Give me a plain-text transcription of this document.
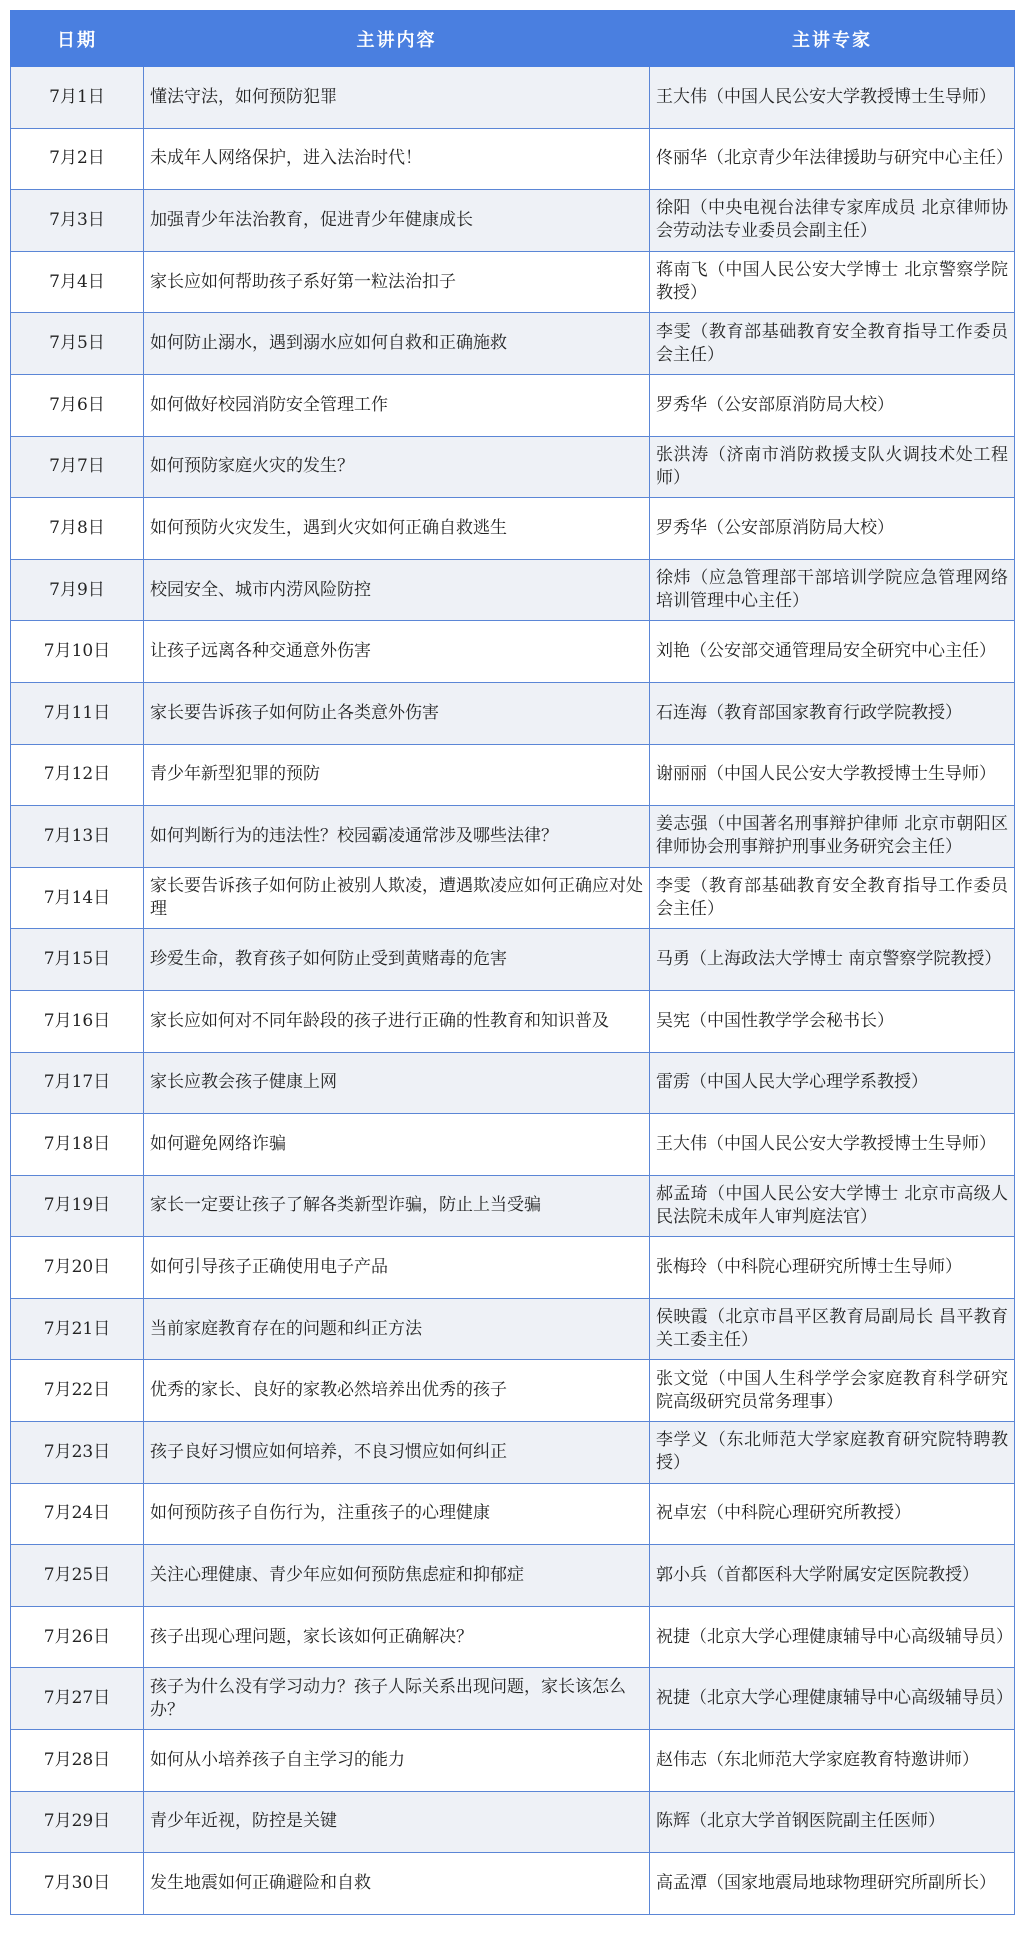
日期	主讲内容	主讲专家
7月1日	懂法守法，如何预防犯罪	王大伟（中国人民公安大学教授博士生导师）
7月2日	未成年人网络保护，进入法治时代！	佟丽华（北京青少年法律援助与研究中心主任）
7月3日	加强青少年法治教育，促进青少年健康成长	徐阳（中央电视台法律专家库成员 北京律师协会劳动法专业委员会副主任）
7月4日	家长应如何帮助孩子系好第一粒法治扣子	蒋南飞（中国人民公安大学博士 北京警察学院教授）
7月5日	如何防止溺水，遇到溺水应如何自救和正确施救	李雯（教育部基础教育安全教育指导工作委员会主任）
7月6日	如何做好校园消防安全管理工作	罗秀华（公安部原消防局大校）
7月7日	如何预防家庭火灾的发生？	张洪涛（济南市消防救援支队火调技术处工程师）
7月8日	如何预防火灾发生，遇到火灾如何正确自救逃生	罗秀华（公安部原消防局大校）
7月9日	校园安全、城市内涝风险防控	徐炜（应急管理部干部培训学院应急管理网络培训管理中心主任）
7月10日	让孩子远离各种交通意外伤害	刘艳（公安部交通管理局安全研究中心主任）
7月11日	家长要告诉孩子如何防止各类意外伤害	石连海（教育部国家教育行政学院教授）
7月12日	青少年新型犯罪的预防	谢丽丽（中国人民公安大学教授博士生导师）
7月13日	如何判断行为的违法性？校园霸凌通常涉及哪些法律？	姜志强（中国著名刑事辩护律师 北京市朝阳区律师协会刑事辩护刑事业务研究会主任）
7月14日	家长要告诉孩子如何防止被别人欺凌，遭遇欺凌应如何正确应对处理	李雯（教育部基础教育安全教育指导工作委员会主任）
7月15日	珍爱生命，教育孩子如何防止受到黄赌毒的危害	马勇（上海政法大学博士 南京警察学院教授）
7月16日	家长应如何对不同年龄段的孩子进行正确的性教育和知识普及	吴宪（中国性教学学会秘书长）
7月17日	家长应教会孩子健康上网	雷雳（中国人民大学心理学系教授）
7月18日	如何避免网络诈骗	王大伟（中国人民公安大学教授博士生导师）
7月19日	家长一定要让孩子了解各类新型诈骗，防止上当受骗	郝孟琦（中国人民公安大学博士 北京市高级人民法院未成年人审判庭法官）
7月20日	如何引导孩子正确使用电子产品	张梅玲（中科院心理研究所博士生导师）
7月21日	当前家庭教育存在的问题和纠正方法	侯映霞（北京市昌平区教育局副局长 昌平教育关工委主任）
7月22日	优秀的家长、良好的家教必然培养出优秀的孩子	张文觉（中国人生科学学会家庭教育科学研究院高级研究员常务理事）
7月23日	孩子良好习惯应如何培养，不良习惯应如何纠正	李学义（东北师范大学家庭教育研究院特聘教授）
7月24日	如何预防孩子自伤行为，注重孩子的心理健康	祝卓宏（中科院心理研究所教授）
7月25日	关注心理健康、青少年应如何预防焦虑症和抑郁症	郭小兵（首都医科大学附属安定医院教授）
7月26日	孩子出现心理问题，家长该如何正确解决？	祝捷（北京大学心理健康辅导中心高级辅导员）
7月27日	孩子为什么没有学习动力？孩子人际关系出现问题，家长该怎么办？	祝捷（北京大学心理健康辅导中心高级辅导员）
7月28日	如何从小培养孩子自主学习的能力	赵伟志（东北师范大学家庭教育特邀讲师）
7月29日	青少年近视，防控是关键	陈辉（北京大学首钢医院副主任医师）
7月30日	发生地震如何正确避险和自救	高孟潭（国家地震局地球物理研究所副所长）
